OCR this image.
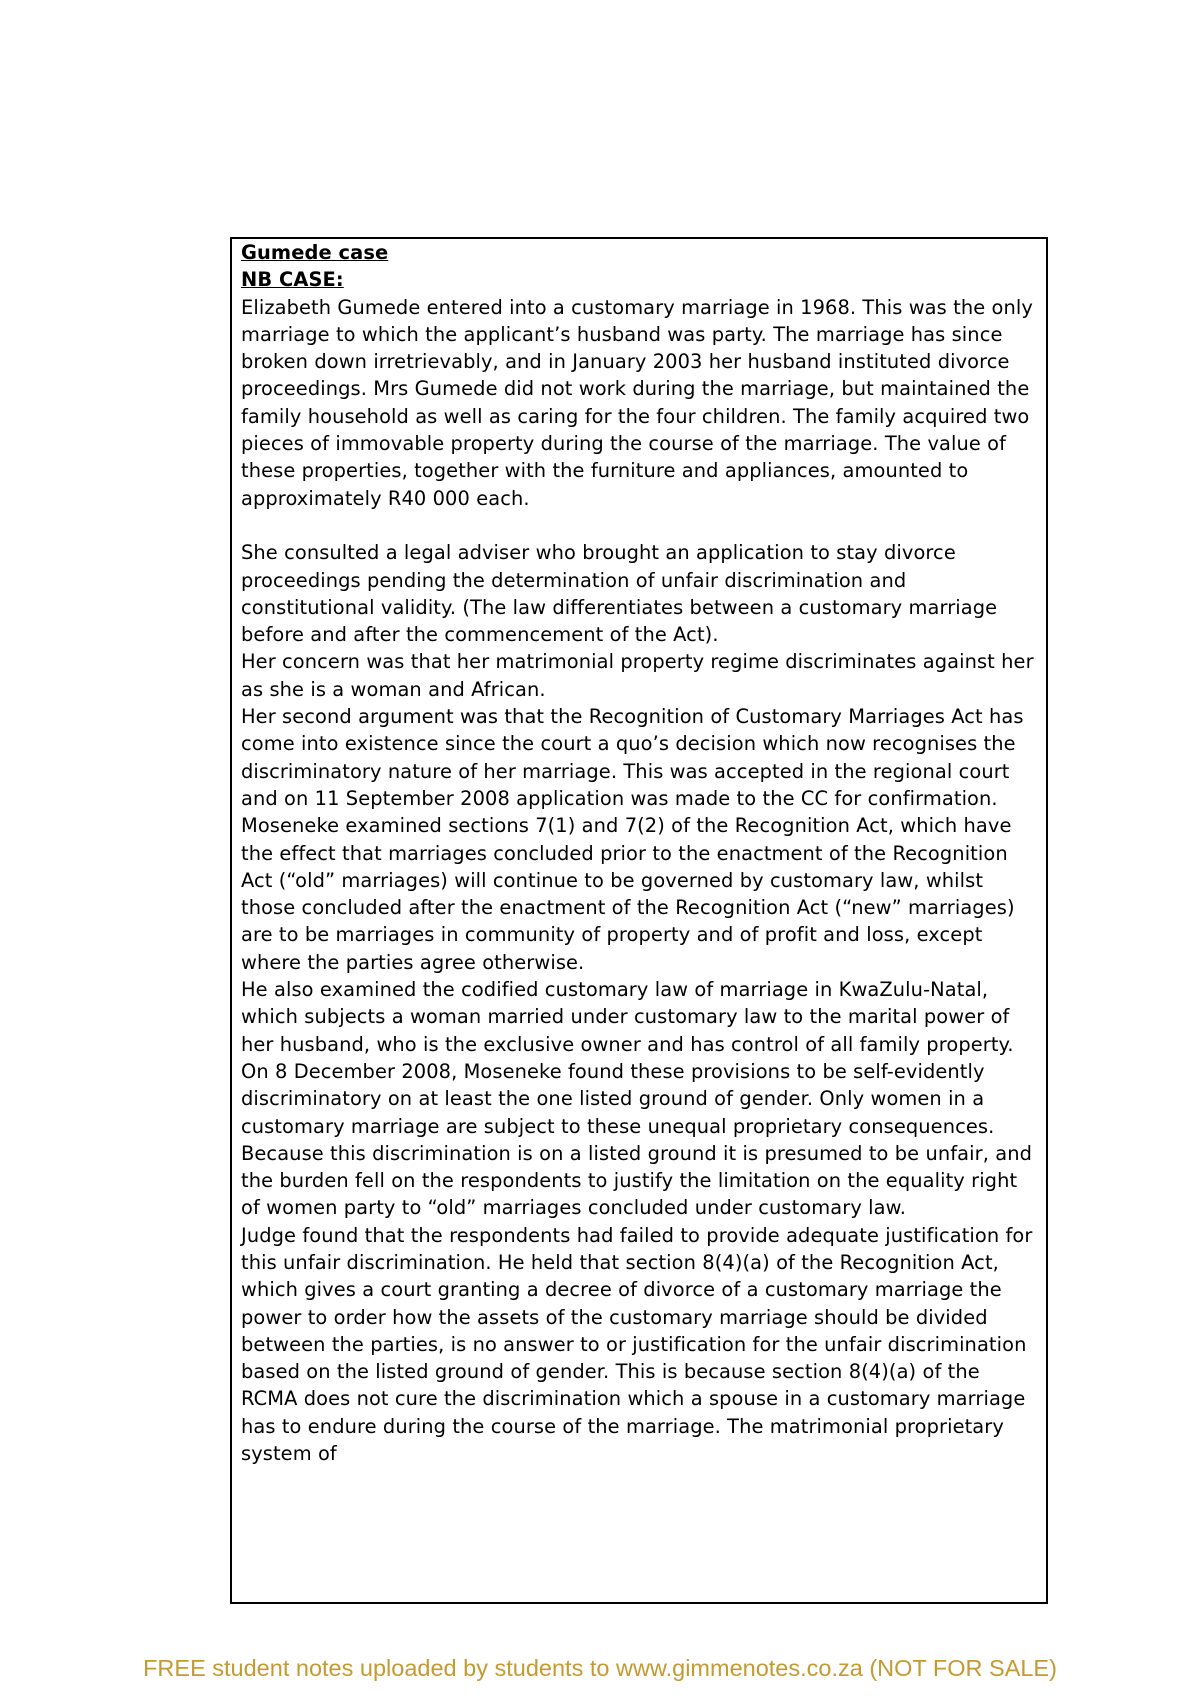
Gumede case
NB CASE:
Elizabeth Gumede entered into a customary marriage in 1968. This was the only marriage to which the applicant’s husband was party. The marriage has since broken down irretrievably, and in January 2003 her husband instituted divorce proceedings. Mrs Gumede did not work during the marriage, but maintained the family household as well as caring for the four children. The family acquired two pieces of immovable property during the course of the marriage. The value of these properties, together with the furniture and appliances, amounted to approximately R40 000 each.
She consulted a legal adviser who brought an application to stay divorce proceedings pending the determination of unfair discrimination and constitutional validity. (The law differentiates between a customary marriage before and after the commencement of the Act).
Her concern was that her matrimonial property regime discriminates against her as she is a woman and African.
Her second argument was that the Recognition of Customary Marriages Act has come into existence since the court a quo’s decision which now recognises the discriminatory nature of her marriage. This was accepted in the regional court and on 11 September 2008 application was made to the CC for confirmation.
Moseneke examined sections 7(1) and 7(2) of the Recognition Act, which have the effect that marriages concluded prior to the enactment of the Recognition Act (“old” marriages) will continue to be governed by customary law, whilst those concluded after the enactment of the Recognition Act (“new” marriages) are to be marriages in community of property and of profit and loss, except where the parties agree otherwise.
He also examined the codified customary law of marriage in KwaZulu-Natal, which subjects a woman married under customary law to the marital power of her husband, who is the exclusive owner and has control of all family property.
On 8 December 2008, Moseneke found these provisions to be self-evidently discriminatory on at least the one listed ground of gender. Only women in a customary marriage are subject to these unequal proprietary consequences. Because this discrimination is on a listed ground it is presumed to be unfair, and the burden fell on the respondents to justify the limitation on the equality right of women party to “old” marriages concluded under customary law.
Judge found that the respondents had failed to provide adequate justification for this unfair discrimination. He held that section 8(4)(a) of the Recognition Act, which gives a court granting a decree of divorce of a customary marriage the power to order how the assets of the customary marriage should be divided between the parties, is no answer to or justification for the unfair discrimination based on the listed ground of gender. This is because section 8(4)(a) of the RCMA does not cure the discrimination which a spouse in a customary marriage has to endure during the course of the marriage. The matrimonial proprietary system of
FREE student notes uploaded by students to www.gimmenotes.co.za (NOT FOR SALE)
